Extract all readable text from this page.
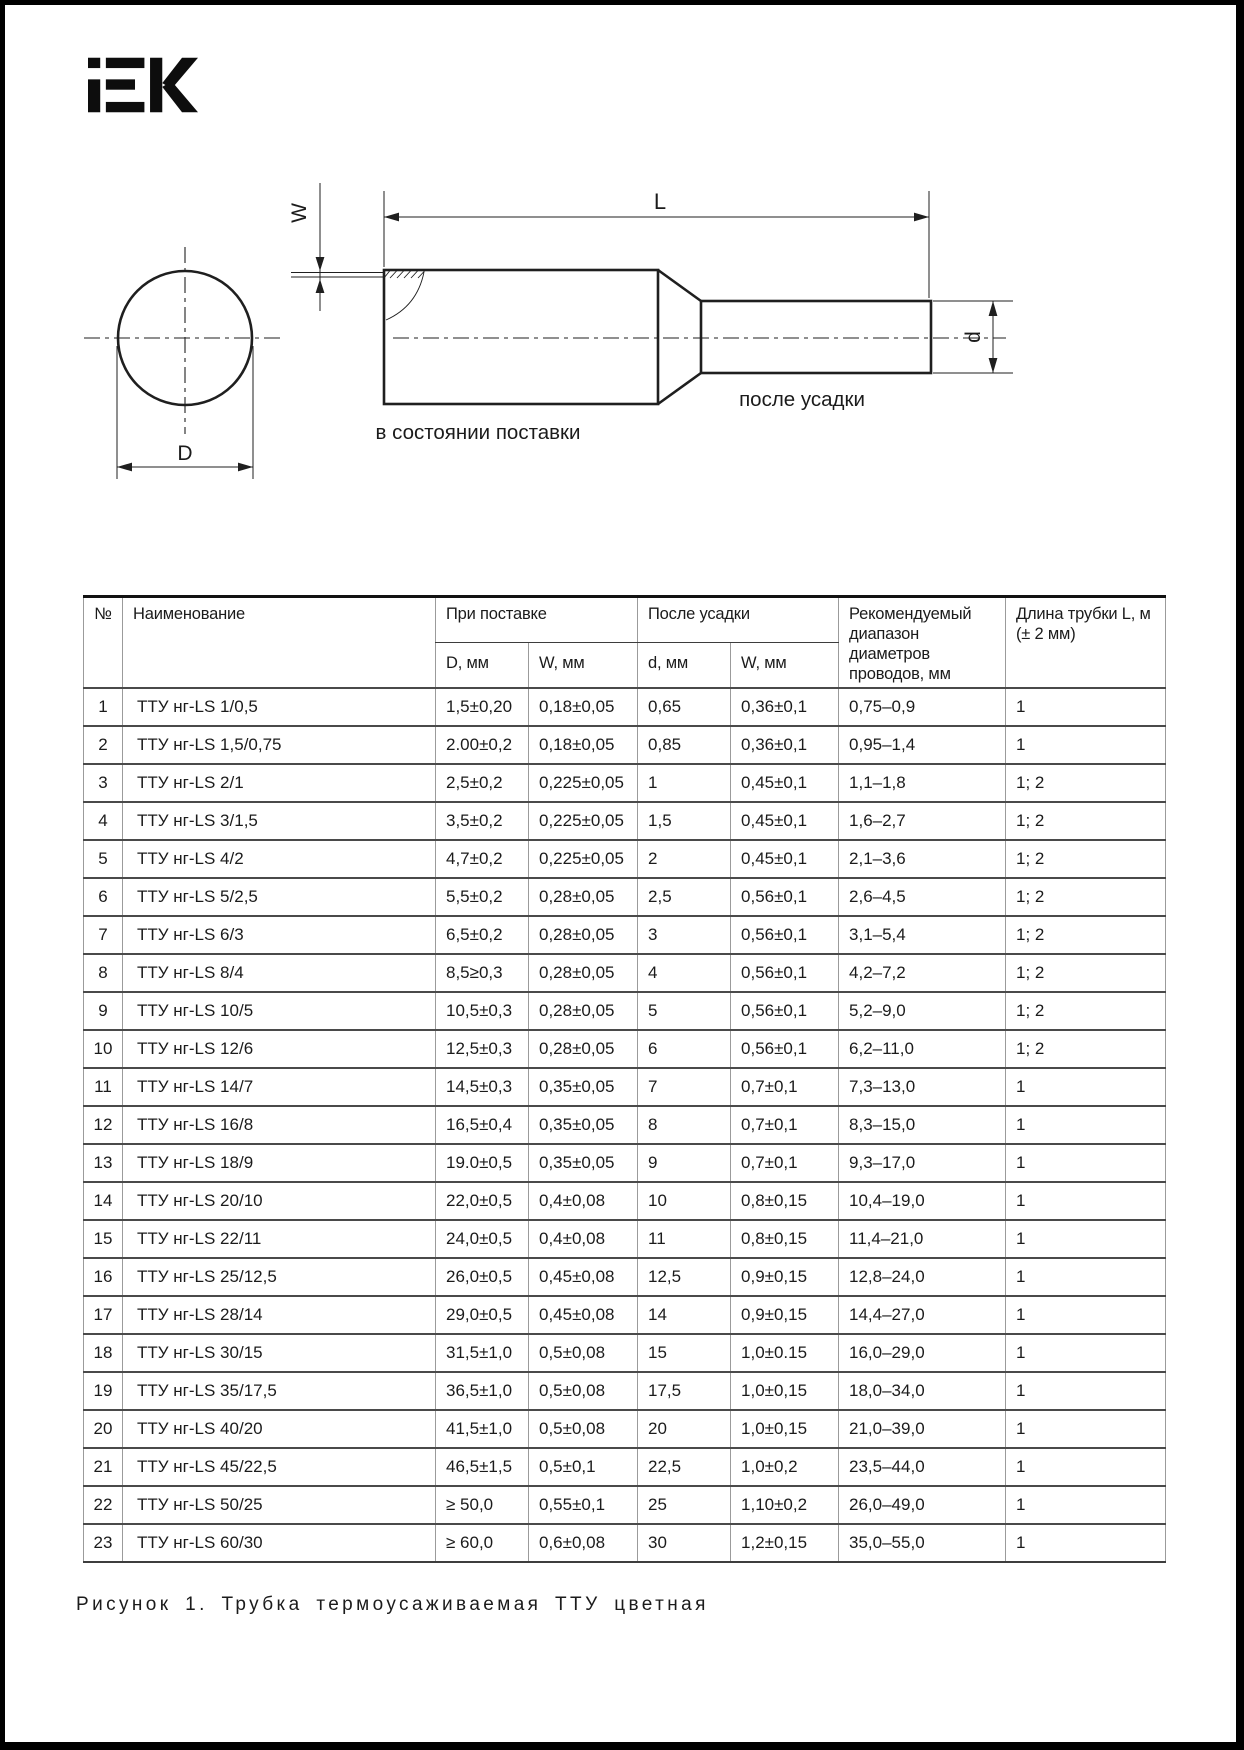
W	L
d
D
в состоянии поставки
после усадки
№	Наименование	При поставке		После усадки		Рекомендуемый диапазон диаметров проводов, мм	Длина трубки L, м (± 2 мм)
		D, мм	W, мм	d, мм	W, мм		
1	ТТУ нг-LS 1/0,5	1,5±0,20	0,18±0,05	0,65	0,36±0,1	0,75–0,9	1
2	ТТУ нг-LS 1,5/0,75	2.00±0,2	0,18±0,05	0,85	0,36±0,1	0,95–1,4	1
3	ТТУ нг-LS 2/1	2,5±0,2	0,225±0,05	1	0,45±0,1	1,1–1,8	1; 2
4	ТТУ нг-LS 3/1,5	3,5±0,2	0,225±0,05	1,5	0,45±0,1	1,6–2,7	1; 2
5	ТТУ нг-LS 4/2	4,7±0,2	0,225±0,05	2	0,45±0,1	2,1–3,6	1; 2
6	ТТУ нг-LS 5/2,5	5,5±0,2	0,28±0,05	2,5	0,56±0,1	2,6–4,5	1; 2
7	ТТУ нг-LS 6/3	6,5±0,2	0,28±0,05	3	0,56±0,1	3,1–5,4	1; 2
8	ТТУ нг-LS 8/4	8,5≥0,3	0,28±0,05	4	0,56±0,1	4,2–7,2	1; 2
9	ТТУ нг-LS 10/5	10,5±0,3	0,28±0,05	5	0,56±0,1	5,2–9,0	1; 2
10	ТТУ нг-LS 12/6	12,5±0,3	0,28±0,05	6	0,56±0,1	6,2–11,0	1; 2
11	ТТУ нг-LS 14/7	14,5±0,3	0,35±0,05	7	0,7±0,1	7,3–13,0	1
12	ТТУ нг-LS 16/8	16,5±0,4	0,35±0,05	8	0,7±0,1	8,3–15,0	1
13	ТТУ нг-LS 18/9	19.0±0,5	0,35±0,05	9	0,7±0,1	9,3–17,0	1
14	ТТУ нг-LS 20/10	22,0±0,5	0,4±0,08	10	0,8±0,15	10,4–19,0	1
15	ТТУ нг-LS 22/11	24,0±0,5	0,4±0,08	11	0,8±0,15	11,4–21,0	1
16	ТТУ нг-LS 25/12,5	26,0±0,5	0,45±0,08	12,5	0,9±0,15	12,8–24,0	1
17	ТТУ нг-LS 28/14	29,0±0,5	0,45±0,08	14	0,9±0,15	14,4–27,0	1
18	ТТУ нг-LS 30/15	31,5±1,0	0,5±0,08	15	1,0±0.15	16,0–29,0	1
19	ТТУ нг-LS 35/17,5	36,5±1,0	0,5±0,08	17,5	1,0±0,15	18,0–34,0	1
20	ТТУ нг-LS 40/20	41,5±1,0	0,5±0,08	20	1,0±0,15	21,0–39,0	1
21	ТТУ нг-LS 45/22,5	46,5±1,5	0,5±0,1	22,5	1,0±0,2	23,5–44,0	1
22	ТТУ нг-LS 50/25	≥ 50,0	0,55±0,1	25	1,10±0,2	26,0–49,0	1
23	ТТУ нг-LS 60/30	≥ 60,0	0,6±0,08	30	1,2±0,15	35,0–55,0	1
Рисунок 1. Трубка термоусаживаемая ТТУ цветная
